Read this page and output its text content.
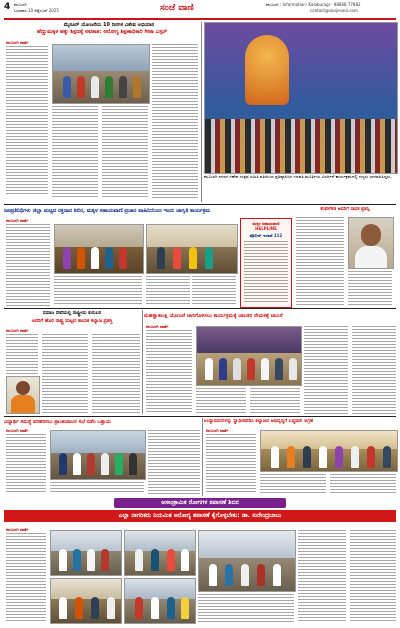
4 ಕಲಬುರಗಿ
ಬುಧವಾರ 10 ಸೆಪ್ಟೆಂಬರ್ 2025	ಸಂಜೆ ವಾಣಿ	ಕಲಬುರಗಿ : Information- Kalaburagi - 98868 77882
contact@sanjevani.com
ಮೈಸೂರ್ ಯೋಜನೆಯ 10 ದಿನಗಳ ವಿಶೇಷ ಅಭಿಯಾನ
ಹೆಣ್ಣುಮಕ್ಕಳ ಹಕ್ಕು ಶಿಕ್ಷಣಕ್ಕೆ ಅವಕಾಶ: ಆರೋಗ್ಯ ಶಿಕ್ಷಣಾಧಿಕಾರಿ ಗೀತಾ ಎಸ್ಸರ್
ಕಲಬುರಗಿ ವಾರ್ತೆ
ಕಲಬುರಗಿ ನಗರದ ಗಣೇಶ ಉತ್ಸವ ಸಮಿತಿ ವತಿಯಿಂದ ಪ್ರತಿಷ್ಠಾಪಿಸಿದ ಗಣಪತಿ ಮೂರ್ತಿಯ ವಿಸರ್ಜನೆ ಕಾರ್ಯಕ್ರಮದಲ್ಲಿ ಗಣ್ಯರು ಭಾಗವಹಿಸಿದ್ದರು.
ಜನಪ್ರತಿನಿಧಿಗಳು ಜಿಲ್ಲಾ ಮಟ್ಟದ ರಕ್ತದಾನ ಶಿಬಿರ, ಮಕ್ಕಳ ಸಹಾಯವಾಣಿ ಪ್ರಚಾರ ವಾಹಿನಿಯಿಂದ ಇಂದು ಜಾಗೃತಿ ಕಾರ್ಯಕ್ರಮ
ಕಲಬುರಗಿ ವಾರ್ತೆ
ಮಕ್ಕಳ ಸಹಾಯವಾಣಿ HELPLINE
ಪೊಲೀಸ್ ಇಲಾಖೆ 112
ಕೆಂಪೇಗೌಡ ಅವರಿಗೆ ಸಾಧಕ ಪ್ರಶಸ್ತಿ
ಸಮಾಜ ಸೇವೆಯಲ್ಲಿ ರಾಷ್ಟ್ರೀಯ ಕುರುಬರ
ಅವರಿಗೆ ಹೊರ ರಾಷ್ಟ್ರ ಮಟ್ಟದ ಕಾಯಕ ಕಲ್ಯಾಣ ಪ್ರಶಸ್ತಿ
ಕಲಬುರಗಿ ವಾರ್ತೆ
ಮಹತ್ವಾಕಾಂಕ್ಷಿ ಯೋಜನೆ ಜಾರಿಗೊಳಿಸಲು ಕಾರ್ಯಕ್ರಮಕ್ಕೆ ಚಾಲಕರ ನೇಮಕಕ್ಕೆ ಚಾಲನೆ
ಕಲಬುರಗಿ ವಾರ್ತೆ
ವಿದ್ಯಾರ್ಥಿ ಸಮಸ್ಯೆ ಪರಿಹರಿಸಲು ಪ್ರಾಂಶುಪಾಲರ ಸಭೆ ನಡೆಸಿ ಒತ್ತಾಯ
ಕಲಬುರಗಿ ವಾರ್ತೆ
ಉದ್ಯಾನವನಗಳನ್ನು ಸ್ವಾಧೀನಪಡಿಸಿ ಕಲ್ಯಾಣದ ಅಭಿವೃದ್ಧಿಗೆ ಬದ್ಧವಾಗಿ ಆಗ್ರಹ
ಕಲಬುರಗಿ ವಾರ್ತೆ
ಅಸಾಂಕ್ರಾಮಿಕ ರೋಗಗಳ ತಪಾಸಣೆ ಶಿಬಿರ
ಎಲ್ಲಾ ನಾಗರಿಕರು ನಿಯಮಿತ ಆರೋಗ್ಯ ತಪಾಸಣೆ ಕೈಗೊಳ್ಳಬೇಕು: ಡಾ. ಸುರೇಂದ್ರಬಾಬು
ಕಲಬುರಗಿ ವಾರ್ತೆ
